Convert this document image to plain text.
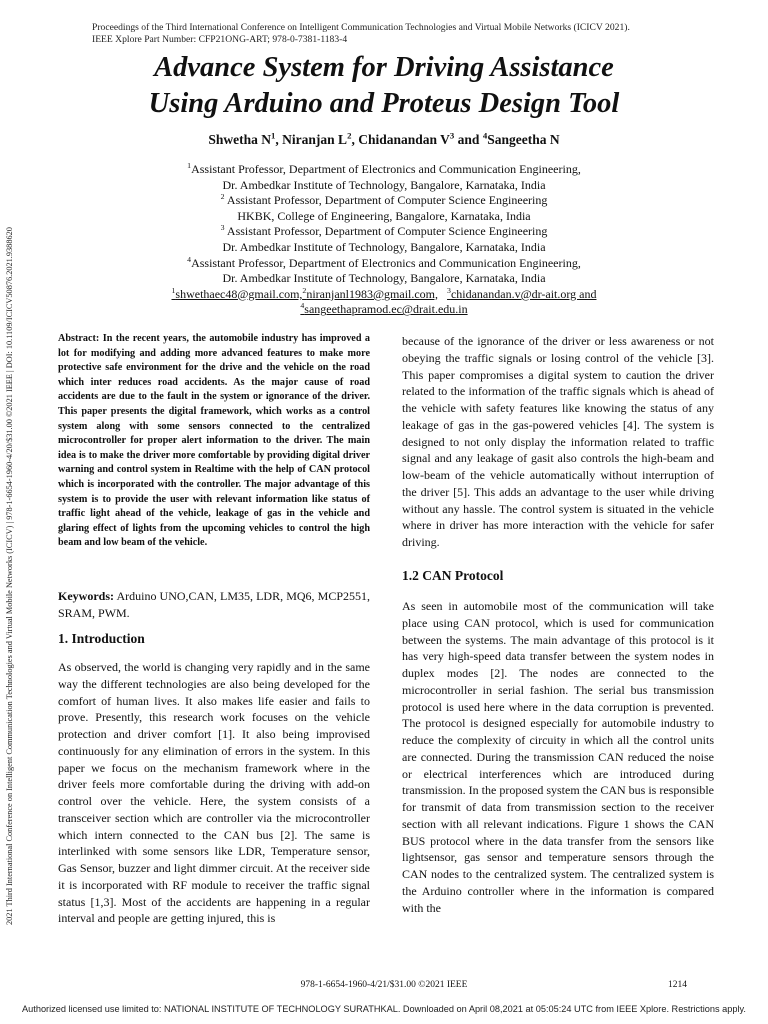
Proceedings of the Third International Conference on Intelligent Communication Technologies and Virtual Mobile Networks (ICICV 2021).
IEEE Xplore Part Number: CFP21ONG-ART; 978-0-7381-1183-4
Advance System for Driving Assistance
Using Arduino and Proteus Design Tool
Shwetha $N^1$, Niranjan $L^2$, Chidanandan $V^3$ and $^4$Sangeetha N
$^1$Assistant Professor, Department of Electronics and Communication Engineering,
Dr. Ambedkar Institute of Technology, Bangalore, Karnataka, India
$^2$ Assistant Professor, Department of Computer Science Engineering
HKBK, College of Engineering, Bangalore, Karnataka, India
$^3$ Assistant Professor, Department of Computer Science Engineering
Dr. Ambedkar Institute of Technology, Bangalore, Karnataka, India
$^4$Assistant Professor, Department of Electronics and Communication Engineering,
Dr. Ambedkar Institute of Technology, Bangalore, Karnataka, India
$^1$shwethaec48@gmail.com,$^2$niranjanl1983@gmail.com, $^3$chidanandan.v@dr-ait.org and
$^4$sangeethapramod.ec@drait.edu.in
2021 Third International Conference on Intelligent Communication Technologies and Virtual Mobile Networks (ICICV) | 978-1-6654-1960-4/20/$31.00 ©2021 IEEE | DOI: 10.1109/ICICV50876.2021.9388620	Abstract: In the recent years, the automobile industry has improved a lot for modifying and adding more advanced features to make more protective safe environment for the drive and the vehicle on the road which inter reduces road accidents. As the major cause of road accidents are due to the fault in the system or ignorance of the driver. This paper presents the digital framework, which works as a control system along with some sensors connected to the centralized microcontroller for proper alert information to the driver. The main idea is to make the driver more comfortable by providing digital driver warning and control system in Realtime with the help of CAN protocol which is incorporated with the controller. The major advantage of this system is to provide the user with relevant information like status of traffic light ahead of the vehicle, leakage of gas in the vehicle and glaring effect of lights from the upcoming vehicles to control the high beam and low beam of the vehicle.

Keywords: Arduino UNO,CAN, LM35, LDR, MQ6, MCP2551, SRAM, PWM.

1. Introduction

As observed, the world is changing very rapidly and in the same way the different technologies are also being developed for the comfort of human lives. It also makes life easier and fails to prove. Presently, this research work focuses on the vehicle protection and driver comfort [1]. It also being improvised continuously for any elimination of errors in the system. In this paper we focus on the mechanism framework where in the driver feels more comfortable during the driving with add-on control over the vehicle. Here, the system consists of a transceiver section which are controller via the microcontroller which intern connected to the CAN bus [2]. The same is interlinked with some sensors like LDR, Temperature sensor, Gas Sensor, buzzer and light dimmer circuit. At the receiver side it is incorporated with RF module to receiver the traffic signal status [1,3]. Most of the accidents are happening in a regular interval and people are getting injured, this is

because of the ignorance of the driver or less awareness or not obeying the traffic signals or losing control of the vehicle [3]. This paper compromises a digital system to caution the driver related to the information of the traffic signals which is ahead of the vehicle with safety features like knowing the status of any leakage of gas in the gas-powered vehicles [4]. The system is designed to not only display the information related to traffic signal and any leakage of gasit also controls the high-beam and low-beam of the vehicle automatically without interruption of the driver [5]. This adds an advantage to the user while driving without any hassle. The control system is situated in the vehicle where in driver has more interaction with the vehicle for safer driving.

1.2 CAN Protocol

As seen in automobile most of the communication will take place using CAN protocol, which is used for communication between the systems. The main advantage of this protocol is it has very high-speed data transfer between the system nodes in duplex modes [2]. The nodes are connected to the microcontroller in serial fashion. The serial bus transmission protocol is used here where in the data corruption is prevented. The protocol is designed especially for automobile industry to reduce the complexity of circuity in which all the control units are connected. During the transmission CAN reduced the noise or electrical interferences which are introduced during transmission. In the proposed system the CAN bus is responsible for transmit of data from transmission section to the receiver section with all relevant indications. Figure 1 shows the CAN BUS protocol where in the data transfer from the sensors like lightsensor, gas sensor and temperature sensors through the CAN nodes to the centralized system. The centralized system is the Arduino controller where in the information is compared with the

978-1-6654-1960-4/21/$31.00 ©2021 IEEE	1214
Authorized licensed use limited to: NATIONAL INSTITUTE OF TECHNOLOGY SURATHKAL. Downloaded on April 08,2021 at 05:05:24 UTC from IEEE Xplore. Restrictions apply.
